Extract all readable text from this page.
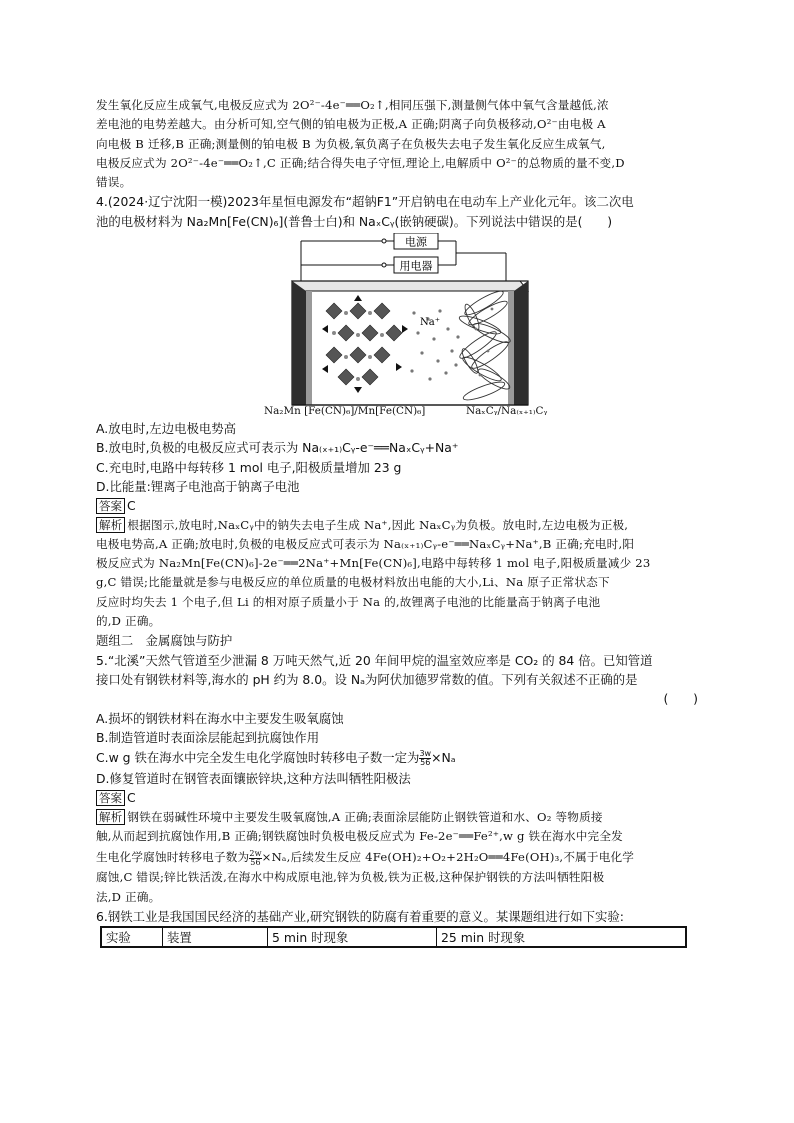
发生氧化反应生成氧气,电极反应式为 2O²⁻-4e⁻══O₂↑,相同压强下,测量侧气体中氧气含量越低,浓
差电池的电势差越大。由分析可知,空气侧的铂电极为正极,A 正确;阴离子向负极移动,O²⁻由电极 A
向电极 B 迁移,B 正确;测量侧的铂电极 B 为负极,氧负离子在负极失去电子发生氧化反应生成氧气,
电极反应式为 2O²⁻-4e⁻══O₂↑,C 正确;结合得失电子守恒,理论上,电解质中 O²⁻的总物质的量不变,D
错误。
4.(2024·辽宁沈阳一模)2023年星恒电源发布“超钠F1”开启钠电在电动车上产业化元年。该二次电
池的电极材料为 Na₂Mn[Fe(CN)₆](普鲁士白)和 NaₓCᵧ(嵌钠硬碳)。下列说法中错误的是(　　)
电源
用电器
Na⁺
Na₂Mn [Fe(CN)₆]/Mn[Fe(CN)₆]	NaₓCᵧ/Na₍ₓ₊₁₎Cᵧ
A.放电时,左边电极电势高
B.放电时,负极的电极反应式可表示为 Na₍ₓ₊₁₎Cᵧ-e⁻══NaₓCᵧ+Na⁺
C.充电时,电路中每转移 1 mol 电子,阳极质量增加 23 g
D.比能量:锂离子电池高于钠离子电池
答案 C
解析 根据图示,放电时,NaₓCᵧ中的钠失去电子生成 Na⁺,因此 NaₓCᵧ为负极。放电时,左边电极为正极,
电极电势高,A 正确;放电时,负极的电极反应式可表示为 Na₍ₓ₊₁₎Cᵧ-e⁻══NaₓCᵧ+Na⁺,B 正确;充电时,阳
极反应式为 Na₂Mn[Fe(CN)₆]-2e⁻══2Na⁺+Mn[Fe(CN)₆],电路中每转移 1 mol 电子,阳极质量减少 23
g,C 错误;比能量就是参与电极反应的单位质量的电极材料放出电能的大小,Li、Na 原子正常状态下
反应时均失去 1 个电子,但 Li 的相对原子质量小于 Na 的,故锂离子电池的比能量高于钠离子电池
的,D 正确。
题组二　金属腐蚀与防护
5.“北溪”天然气管道至少泄漏 8 万吨天然气,近 20 年间甲烷的温室效应率是 CO₂ 的 84 倍。已知管道
接口处有钢铁材料等,海水的 pH 约为 8.0。设 Nₐ为阿伏加德罗常数的值。下列有关叙述不正确的是
(　　)
A.损坏的钢铁材料在海水中主要发生吸氧腐蚀
B.制造管道时表面涂层能起到抗腐蚀作用
C.w g 铁在海水中完全发生电化学腐蚀时转移电子数一定为 $\frac{3w}{56} \times N_a$
D.修复管道时在钢管表面镶嵌锌块,这种方法叫牺牲阳极法
答案 C
解析 钢铁在弱碱性环境中主要发生吸氧腐蚀,A 正确;表面涂层能防止钢铁管道和水、O₂ 等物质接
触,从而起到抗腐蚀作用,B 正确;钢铁腐蚀时负极电极反应式为 Fe-2e⁻══Fe²⁺,w g 铁在海水中完全发
生电化学腐蚀时转移电子数为 $\frac{2w}{56} \times N_a$,后续发生反应 4Fe(OH)₂+O₂+2H₂O══4Fe(OH)₃,不属于电化学
腐蚀,C 错误;锌比铁活泼,在海水中构成原电池,锌为负极,铁为正极,这种保护钢铁的方法叫牺牲阳极
法,D 正确。
6.钢铁工业是我国国民经济的基础产业,研究钢铁的防腐有着重要的意义。某课题组进行如下实验:
实验	装置	5 min 时现象	25 min 时现象
